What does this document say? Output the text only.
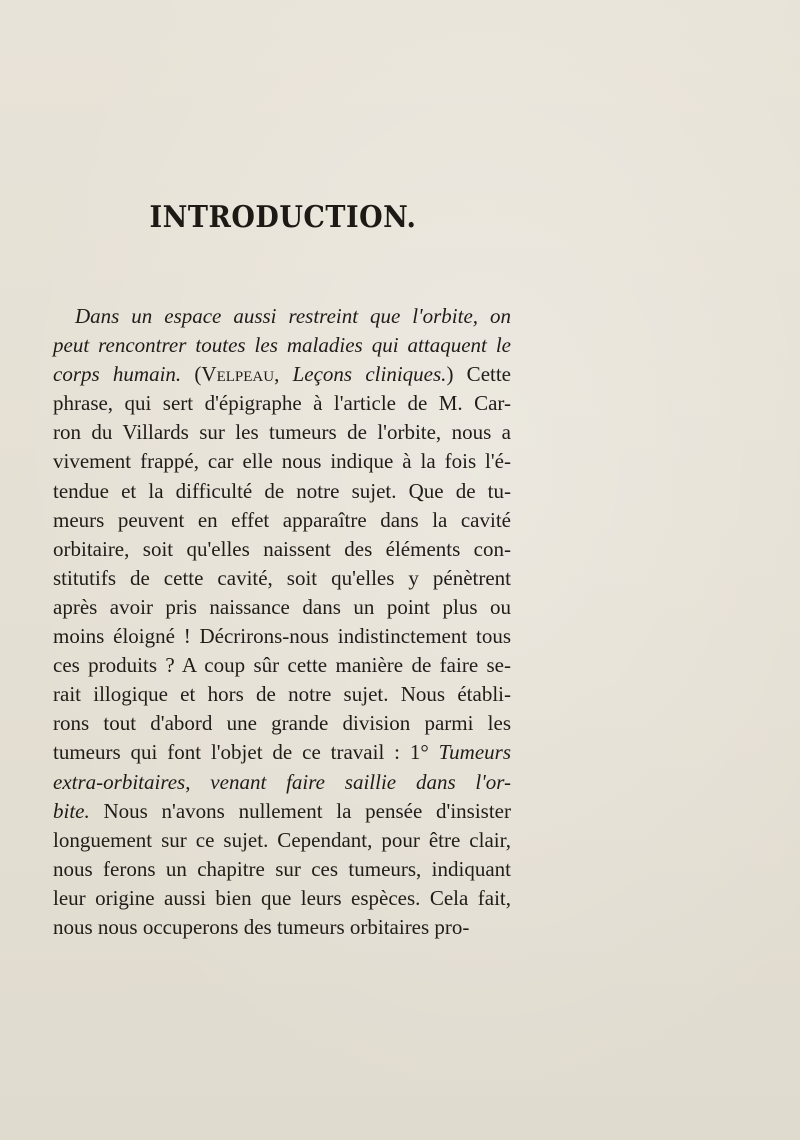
INTRODUCTION.
Dans un espace aussi restreint que l'orbite, on
peut rencontrer toutes les maladies qui attaquent le
corps humain. (Velpeau, Leçons cliniques.) Cette
phrase, qui sert d'épigraphe à l'article de M. Car-
ron du Villards sur les tumeurs de l'orbite, nous a
vivement frappé, car elle nous indique à la fois l'é-
tendue et la difficulté de notre sujet. Que de tu-
meurs peuvent en effet apparaître dans la cavité
orbitaire, soit qu'elles naissent des éléments con-
stitutifs de cette cavité, soit qu'elles y pénètrent
après avoir pris naissance dans un point plus ou
moins éloigné ! Décrirons-nous indistinctement tous
ces produits ? A coup sûr cette manière de faire se-
rait illogique et hors de notre sujet. Nous établi-
rons tout d'abord une grande division parmi les
tumeurs qui font l'objet de ce travail : 1° Tumeurs
extra-orbitaires, venant faire saillie dans l'or-
bite. Nous n'avons nullement la pensée d'insister
longuement sur ce sujet. Cependant, pour être clair,
nous ferons un chapitre sur ces tumeurs, indiquant
leur origine aussi bien que leurs espèces. Cela fait,
nous nous occuperons des tumeurs orbitaires pro-
